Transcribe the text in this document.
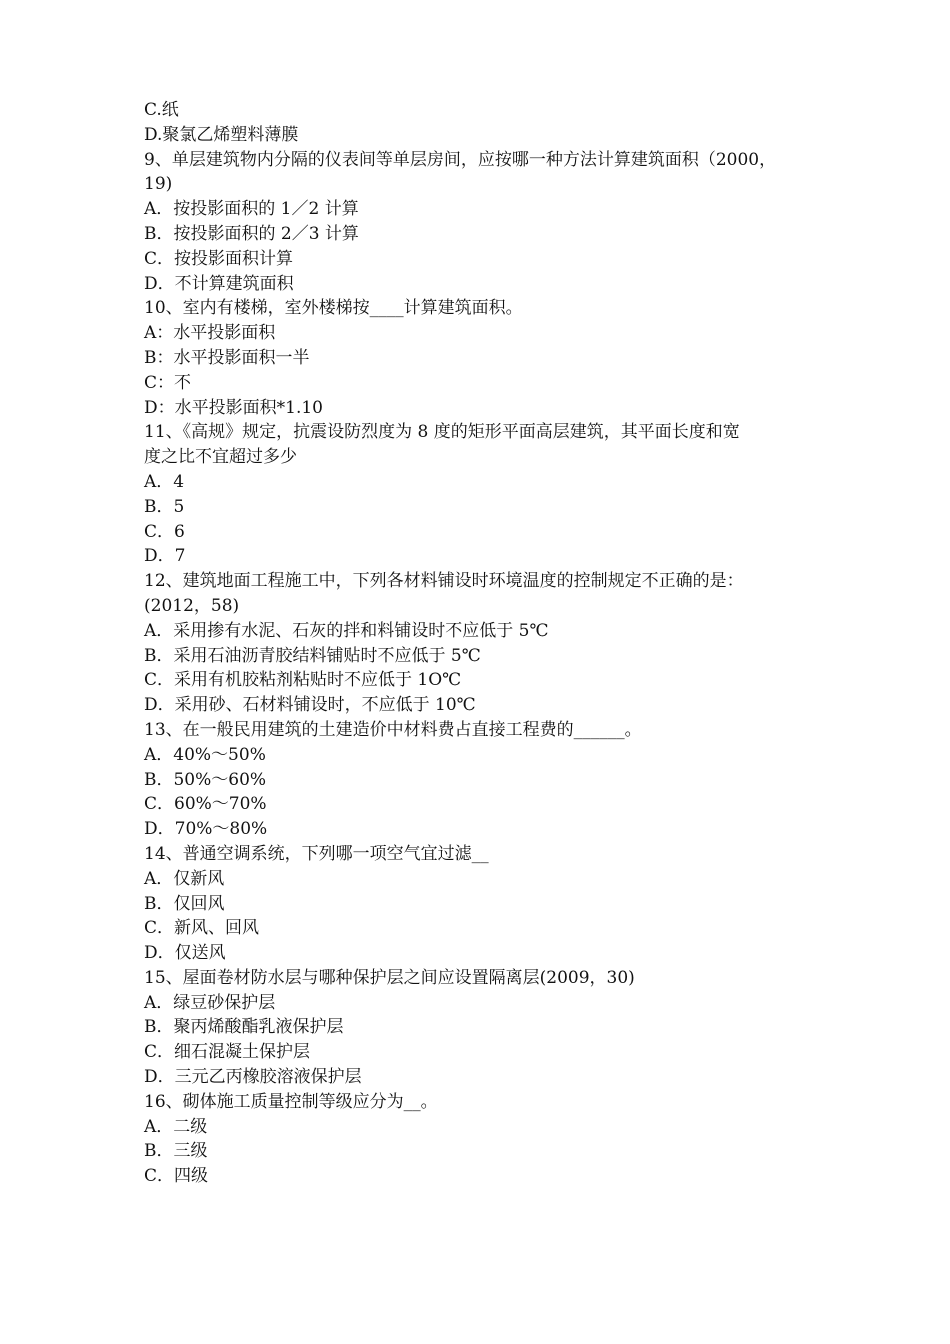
C.纸
D.聚氯乙烯塑料薄膜
9、单层建筑物内分隔的仪表间等单层房间，应按哪一种方法计算建筑面积（2000，
19)
A．按投影面积的 1／2 计算
B．按投影面积的 2／3 计算
C．按投影面积计算
D．不计算建筑面积
10、室内有楼梯，室外楼梯按____计算建筑面积。
A：水平投影面积
B：水平投影面积一半
C：不
D：水平投影面积*1.10
11、《高规》规定，抗震设防烈度为 8 度的矩形平面高层建筑，其平面长度和宽
度之比不宜超过多少
A．4
B．5
C．6
D．7
12、建筑地面工程施工中，下列各材料铺设时环境温度的控制规定不正确的是：
(2012，58)
A．采用掺有水泥、石灰的拌和料铺设时不应低于 5℃
B．采用石油沥青胶结料铺贴时不应低于 5℃
C．采用有机胶粘剂粘贴时不应低于 1O℃
D．采用砂、石材料铺设时，不应低于 10℃
13、在一般民用建筑的土建造价中材料费占直接工程费的______。
A．40%～50%
B．50%～60%
C．60%～70%
D．70%～80%
14、普通空调系统，下列哪一项空气宜过滤__
A．仅新风
B．仅回风
C．新风、回风
D．仅送风
15、屋面卷材防水层与哪种保护层之间应设置隔离层(2009，30)
A．绿豆砂保护层
B．聚丙烯酸酯乳液保护层
C．细石混凝土保护层
D．三元乙丙橡胶溶液保护层
16、砌体施工质量控制等级应分为__。
A．二级
B．三级
C．四级
